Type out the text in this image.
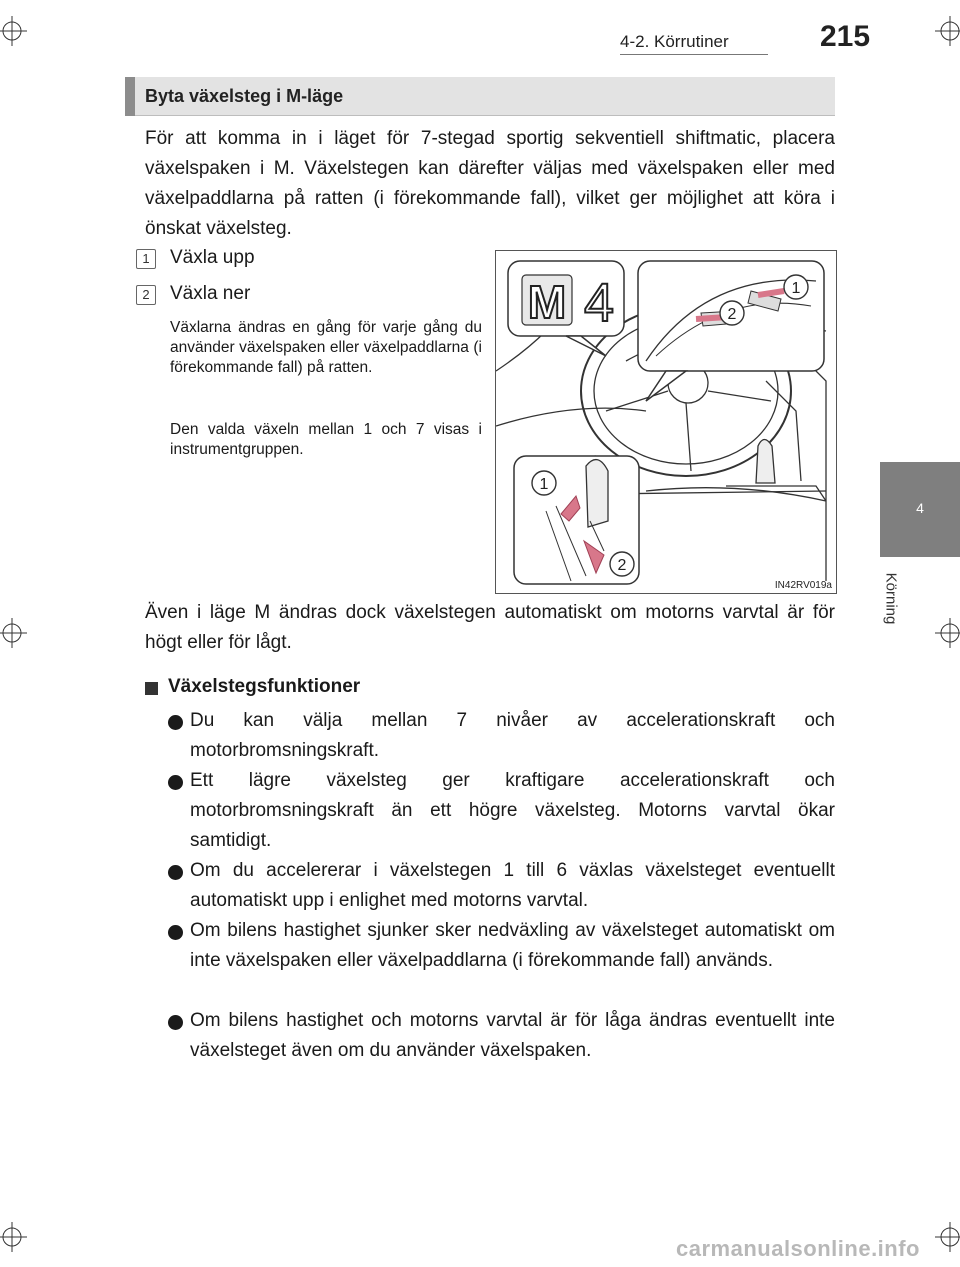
4-2. Körrutiner	215
4
Körning
Byta växelsteg i M-läge
För att komma in i läget för 7-stegad sportig sekventiell shiftmatic, placera växelspaken i M. Växelstegen kan därefter väljas med växelspaken eller med växelpaddlarna på ratten (i förekommande fall), vilket ger möjlighet att köra i önskat växelsteg.
1	Växla upp
2	Växla ner
Växlarna ändras en gång för varje gång du använder växelspaken eller växelpaddlarna (i förekommande fall) på ratten.
Den valda växeln mellan 1 och 7 visas i instrumentgruppen.
M 4	1
2
1
2
IN42RV019a
Även i läge M ändras dock växelstegen automatiskt om motorns varvtal är för högt eller för lågt.
Växelstegsfunktioner
Du kan välja mellan 7 nivåer av accelerationskraft och motorbromsningskraft.
Ett lägre växelsteg ger kraftigare accelerationskraft och motorbromsningskraft än ett högre växelsteg. Motorns varvtal ökar samtidigt.
Om du accelererar i växelstegen 1 till 6 växlas växelsteget eventuellt automatiskt upp i enlighet med motorns varvtal.
Om bilens hastighet sjunker sker nedväxling av växelsteget automatiskt om inte växelspaken eller växelpaddlarna (i förekommande fall) används.
Om bilens hastighet och motorns varvtal är för låga ändras eventuellt inte växelsteget även om du använder växelspaken.
carmanualsonline.info
